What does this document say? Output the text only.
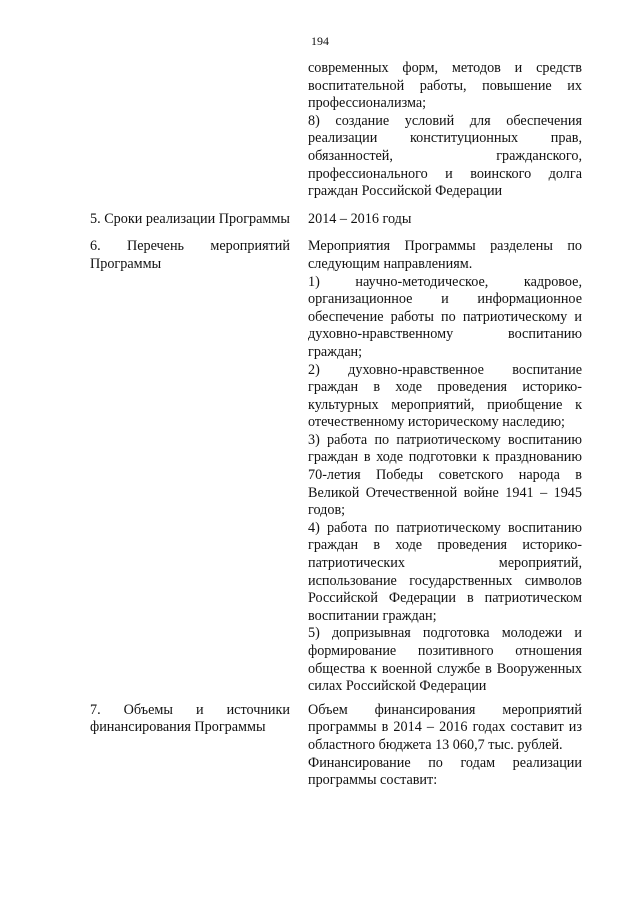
194

современных форм, методов и средств воспитательной работы, повышение их профессионализма;

8) создание условий для обеспечения реализации конституционных прав, обязанностей, гражданского, профессионального и воинского долга граждан Российской Федерации

5. Сроки реализации Программы 2014 – 2016 годы

6. Перечень мероприятий Программы

Мероприятия Программы разделены по следующим направлениям.

1) научно-методическое, кадровое, организационное и информационное обеспечение работы по патриотическому и духовно-нравственному воспитанию граждан;

2) духовно-нравственное воспитание граждан в ходе проведения историко-культурных мероприятий, приобщение к отечественному историческому наследию;

3) работа по патриотическому воспитанию граждан в ходе подготовки к празднованию 70-летия Победы советского народа в Великой Отечественной войне 1941 – 1945 годов;

4) работа по патриотическому воспитанию граждан в ходе проведения историко-патриотических мероприятий, использование государственных символов Российской Федерации в патриотическом воспитании граждан;

5) допризывная подготовка молодежи и формирование позитивного отношения общества к военной службе в Вооруженных силах Российской Федерации

7. Объемы и источники финансирования Программы

Объем финансирования мероприятий программы в 2014 – 2016 годах составит из областного бюджета 13 060,7 тыс. рублей.

Финансирование по годам реализации программы составит:
